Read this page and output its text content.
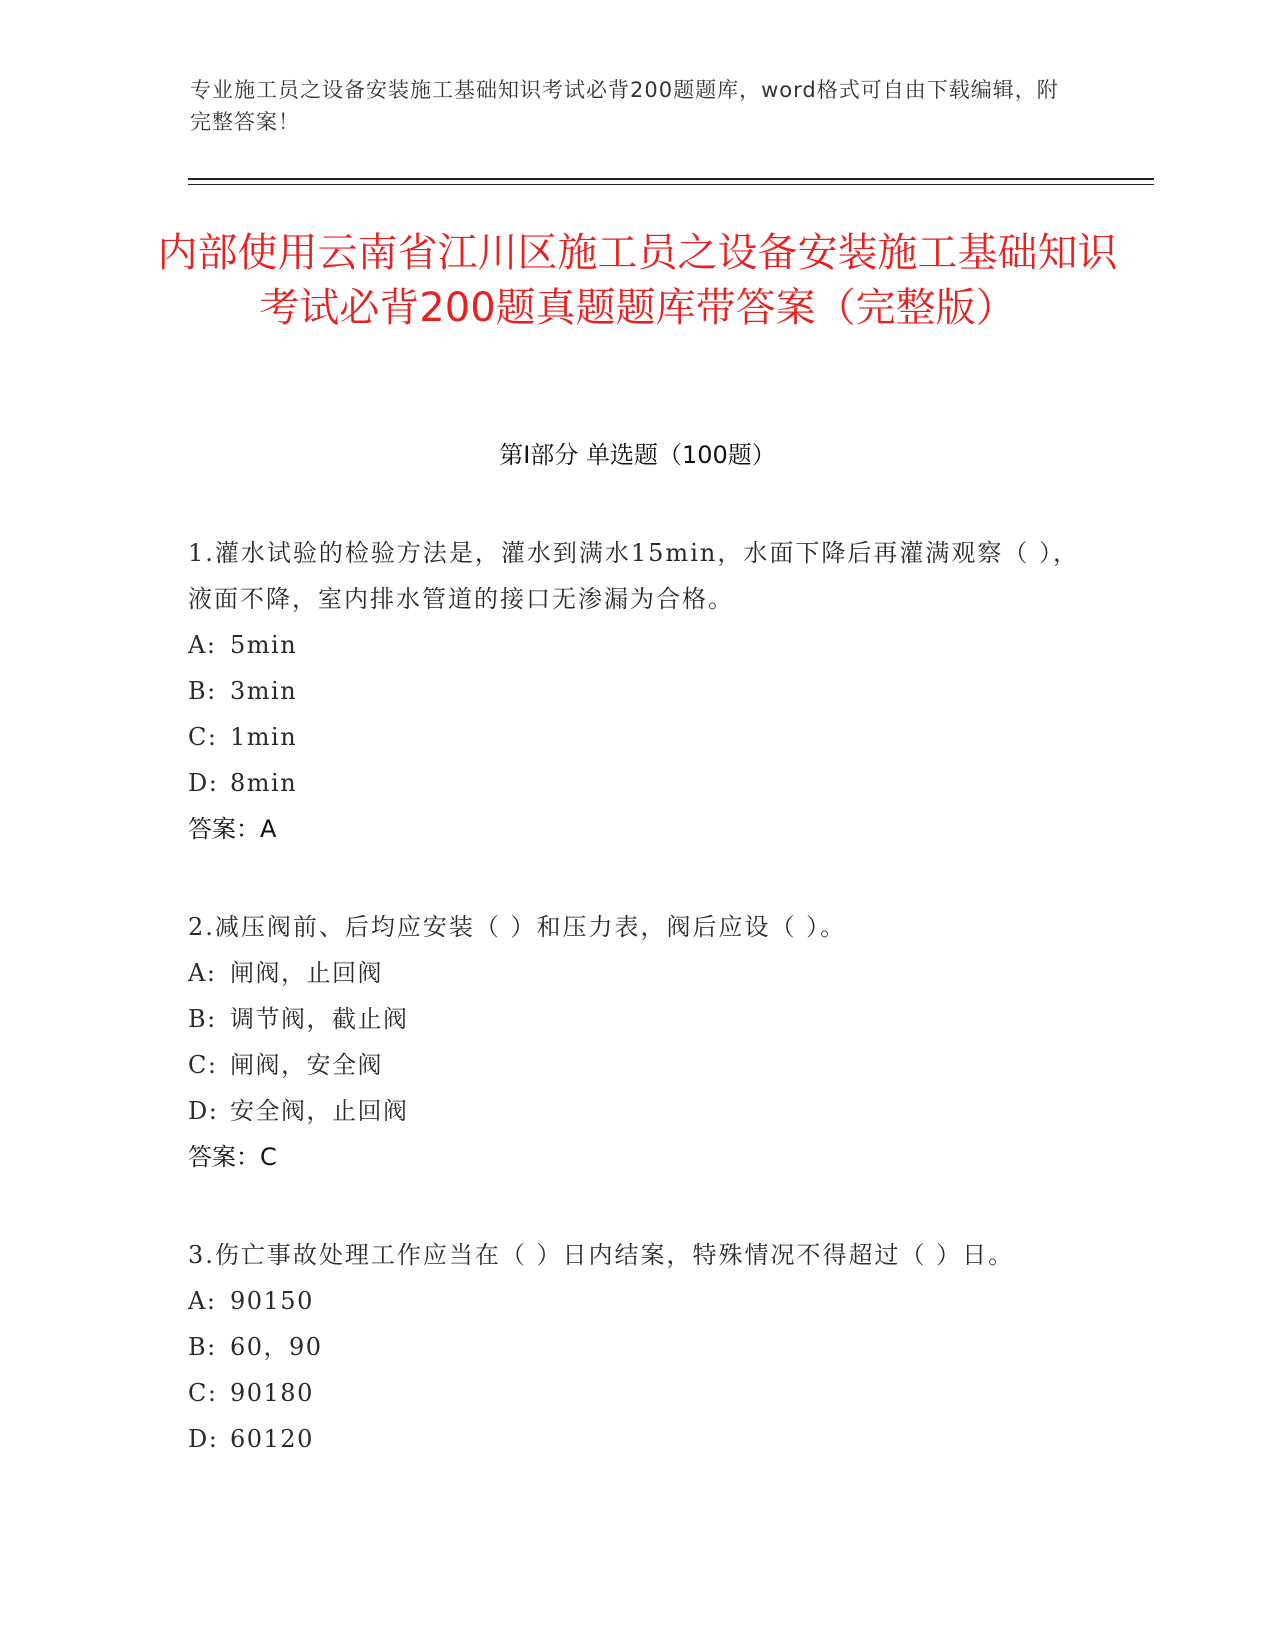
专业施工员之设备安装施工基础知识考试必背200题题库，word格式可自由下载编辑，附完整答案！
内部使用云南省江川区施工员之设备安装施工基础知识考试必背200题真题题库带答案（完整版）
第Ⅰ部分 单选题（100题）

1.灌水试验的检验方法是，灌水到满水15min，水面下降后再灌满观察（ ），液面不降，室内排水管道的接口无渗漏为合格。

A: 5min
B: 3min
C: 1min
D: 8min
答案：A

2.减压阀前、后均应安装（ ）和压力表，阀后应设（ ）。

A: 闸阀，止回阀
B: 调节阀，截止阀
C: 闸阀，安全阀
D: 安全阀，止回阀
答案：C

3.伤亡事故处理工作应当在（ ）日内结案，特殊情况不得超过（ ）日。

A: 90150
B: 60，90
C: 90180
D: 60120
